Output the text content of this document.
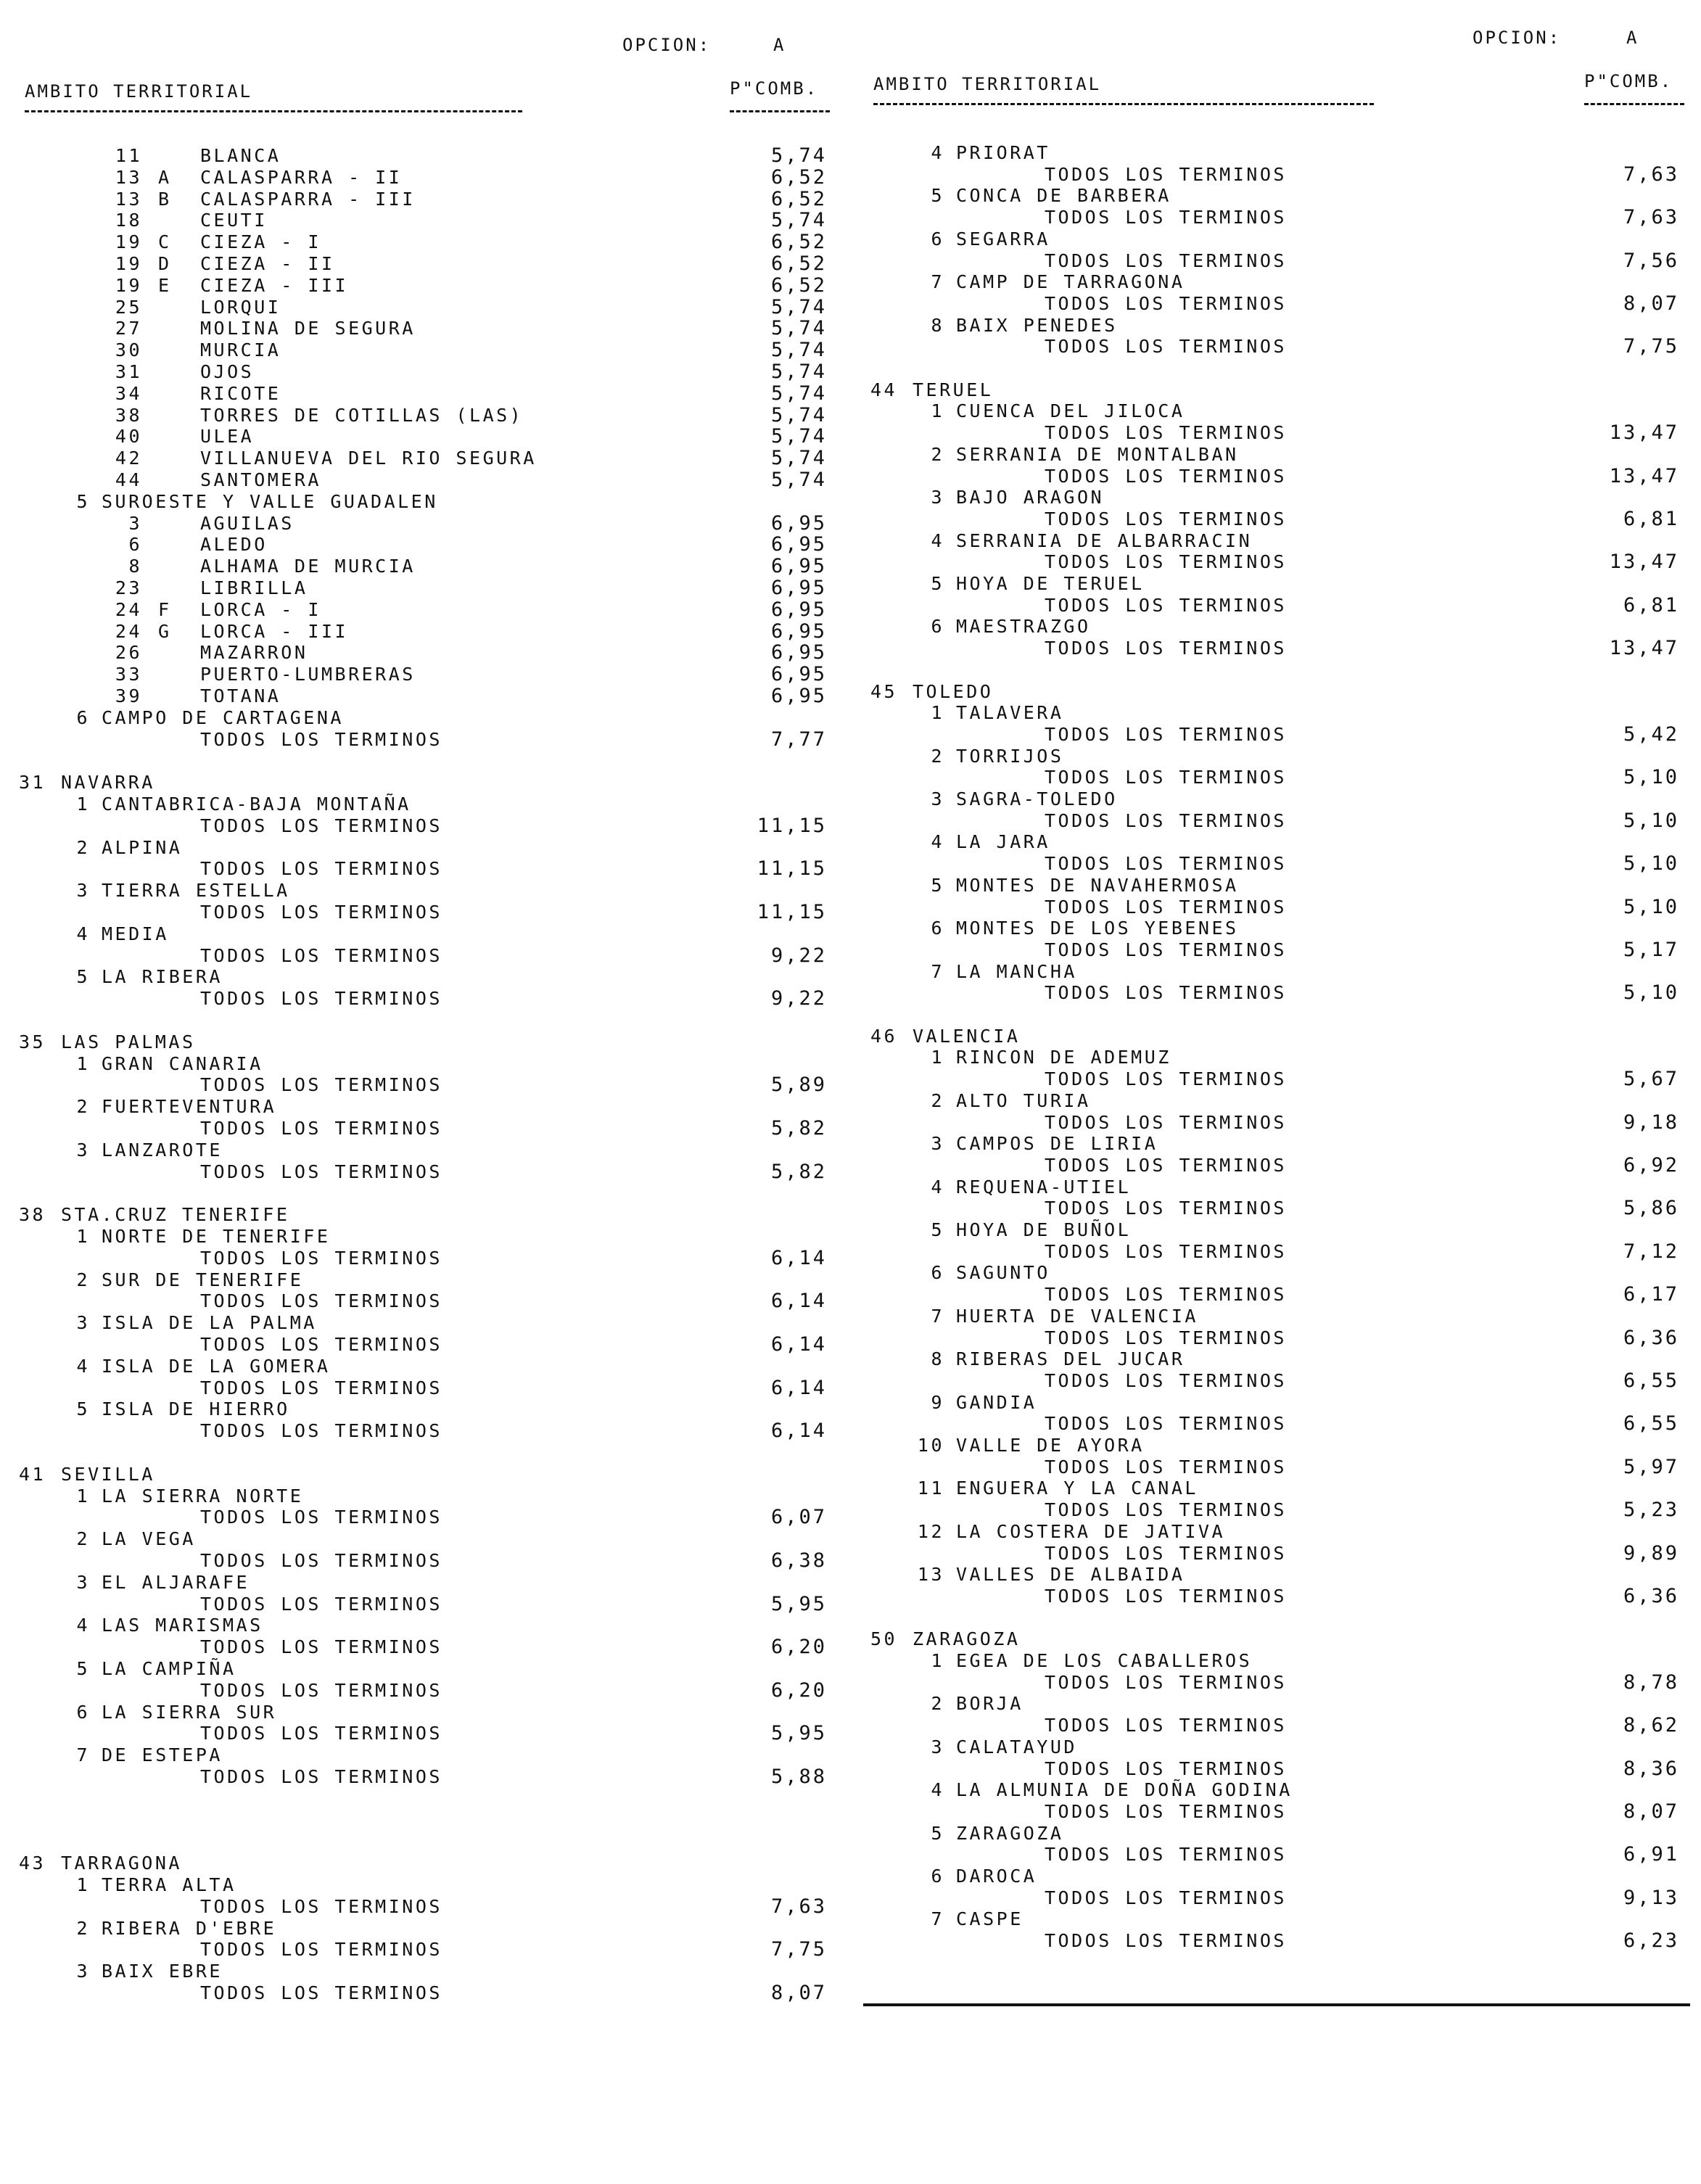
OPCION:	A
AMBITO TERRITORIAL	P"COMB.
11	BLANCA	5,74
13 A CALASPARRA - II	6,52
13 B CALASPARRA - III	6,52
18	CEUTI	5,74
19 C CIEZA - I	6,52
19 D CIEZA - II	6,52
19 E CIEZA - III	6,52
25	LORQUI	5,74
27	MOLINA DE SEGURA	5,74
30	MURCIA	5,74
31	OJOS	5,74
34	RICOTE	5,74
38	TORRES DE COTILLAS (LAS)	5,74
40	ULEA	5,74
42	VILLANUEVA DEL RIO SEGURA	5,74
44	SANTOMERA	5,74
5 SUROESTE Y VALLE GUADALEN
3	AGUILAS	6,95
6	ALEDO	6,95
8	ALHAMA DE MURCIA	6,95
23	LIBRILLA	6,95
24 F LORCA - I	6,95
24 G LORCA - III	6,95
26	MAZARRON	6,95
33	PUERTO-LUMBRERAS	6,95
39	TOTANA	6,95
6 CAMPO DE CARTAGENA
TODOS LOS TERMINOS	7,77
31 NAVARRA
1 CANTABRICA-BAJA MONTAÑA
TODOS LOS TERMINOS	11,15
2 ALPINA
TODOS LOS TERMINOS	11,15
3 TIERRA ESTELLA
TODOS LOS TERMINOS	11,15
4 MEDIA
TODOS LOS TERMINOS	9,22
5 LA RIBERA
TODOS LOS TERMINOS	9,22
35 LAS PALMAS
1 GRAN CANARIA
TODOS LOS TERMINOS	5,89
2 FUERTEVENTURA
TODOS LOS TERMINOS	5,82
3 LANZAROTE
TODOS LOS TERMINOS	5,82
38 STA.CRUZ TENERIFE
1 NORTE DE TENERIFE
TODOS LOS TERMINOS	6,14
2 SUR DE TENERIFE
TODOS LOS TERMINOS	6,14
3 ISLA DE LA PALMA
TODOS LOS TERMINOS	6,14
4 ISLA DE LA GOMERA
TODOS LOS TERMINOS	6,14
5 ISLA DE HIERRO
TODOS LOS TERMINOS	6,14
41 SEVILLA
1 LA SIERRA NORTE
TODOS LOS TERMINOS	6,07
2 LA VEGA
TODOS LOS TERMINOS	6,38
3 EL ALJARAFE
TODOS LOS TERMINOS	5,95
4 LAS MARISMAS
TODOS LOS TERMINOS	6,20
5 LA CAMPIÑA
TODOS LOS TERMINOS	6,20
6 LA SIERRA SUR
TODOS LOS TERMINOS	5,95
7 DE ESTEPA
TODOS LOS TERMINOS	5,88
43 TARRAGONA
1 TERRA ALTA
TODOS LOS TERMINOS	7,63
2 RIBERA D'EBRE
TODOS LOS TERMINOS	7,75
3 BAIX EBRE
TODOS LOS TERMINOS	8,07
OPCION:	A
AMBITO TERRITORIAL	P"COMB.
4 PRIORAT
TODOS LOS TERMINOS	7,63
5 CONCA DE BARBERA
TODOS LOS TERMINOS	7,63
6 SEGARRA
TODOS LOS TERMINOS	7,56
7 CAMP DE TARRAGONA
TODOS LOS TERMINOS	8,07
8 BAIX PENEDES
TODOS LOS TERMINOS	7,75
44 TERUEL
1 CUENCA DEL JILOCA
TODOS LOS TERMINOS	13,47
2 SERRANIA DE MONTALBAN
TODOS LOS TERMINOS	13,47
3 BAJO ARAGON
TODOS LOS TERMINOS	6,81
4 SERRANIA DE ALBARRACIN
TODOS LOS TERMINOS	13,47
5 HOYA DE TERUEL
TODOS LOS TERMINOS	6,81
6 MAESTRAZGO
TODOS LOS TERMINOS	13,47
45 TOLEDO
1 TALAVERA
TODOS LOS TERMINOS	5,42
2 TORRIJOS
TODOS LOS TERMINOS	5,10
3 SAGRA-TOLEDO
TODOS LOS TERMINOS	5,10
4 LA JARA
TODOS LOS TERMINOS	5,10
5 MONTES DE NAVAHERMOSA
TODOS LOS TERMINOS	5,10
6 MONTES DE LOS YEBENES
TODOS LOS TERMINOS	5,17
7 LA MANCHA
TODOS LOS TERMINOS	5,10
46 VALENCIA
1 RINCON DE ADEMUZ
TODOS LOS TERMINOS	5,67
2 ALTO TURIA
TODOS LOS TERMINOS	9,18
3 CAMPOS DE LIRIA
TODOS LOS TERMINOS	6,92
4 REQUENA-UTIEL
TODOS LOS TERMINOS	5,86
5 HOYA DE BUÑOL
TODOS LOS TERMINOS	7,12
6 SAGUNTO
TODOS LOS TERMINOS	6,17
7 HUERTA DE VALENCIA
TODOS LOS TERMINOS	6,36
8 RIBERAS DEL JUCAR
TODOS LOS TERMINOS	6,55
9 GANDIA
TODOS LOS TERMINOS	6,55
10 VALLE DE AYORA
TODOS LOS TERMINOS	5,97
11 ENGUERA Y LA CANAL
TODOS LOS TERMINOS	5,23
12 LA COSTERA DE JATIVA
TODOS LOS TERMINOS	9,89
13 VALLES DE ALBAIDA
TODOS LOS TERMINOS	6,36
50 ZARAGOZA
1 EGEA DE LOS CABALLEROS
TODOS LOS TERMINOS	8,78
2 BORJA
TODOS LOS TERMINOS	8,62
3 CALATAYUD
TODOS LOS TERMINOS	8,36
4 LA ALMUNIA DE DOÑA GODINA
TODOS LOS TERMINOS	8,07
5 ZARAGOZA
TODOS LOS TERMINOS	6,91
6 DAROCA
TODOS LOS TERMINOS	9,13
7 CASPE
TODOS LOS TERMINOS	6,23
